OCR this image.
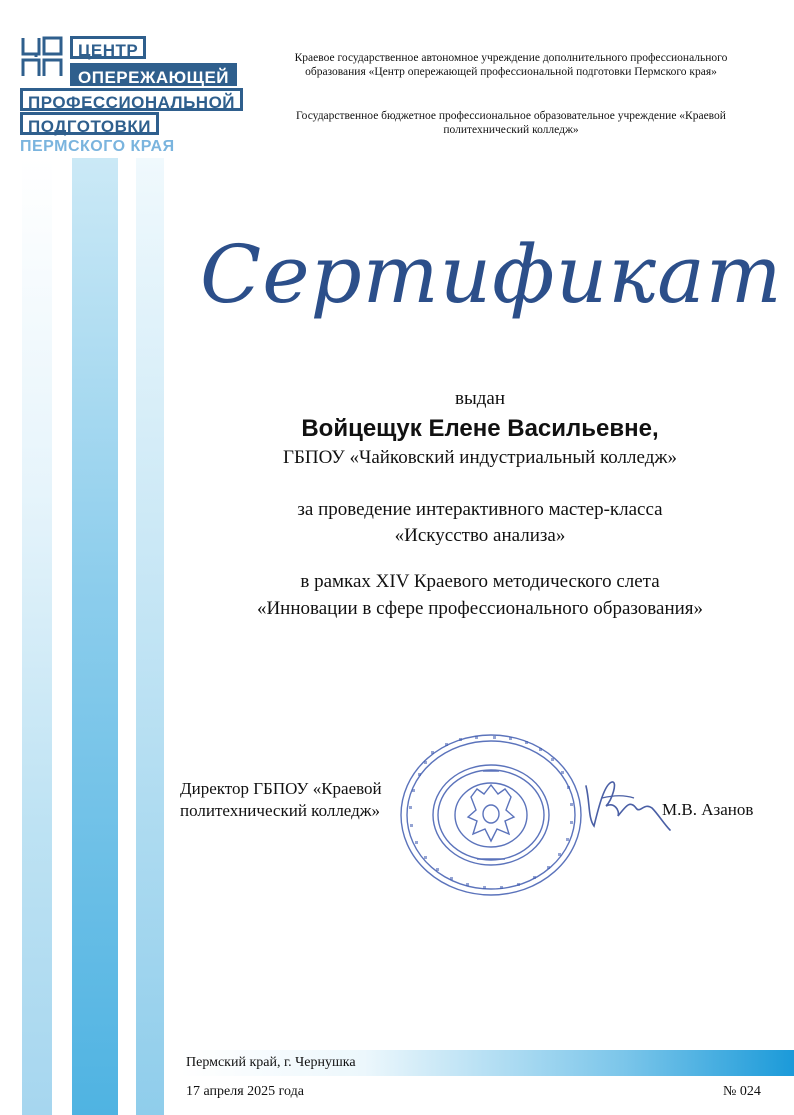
ЦЕНТР
ОПЕРЕЖАЮЩЕЙ
ПРОФЕССИОНАЛЬНОЙ
ПОДГОТОВКИ
ПЕРМСКОГО КРАЯ
Краевое государственное автономное учреждение дополнительного профессионального образования «Центр опережающей профессиональной подготовки Пермского края»
Государственное бюджетное профессиональное образовательное учреждение «Краевой политехнический колледж»
Сертификат
выдан
Войцещук Елене Васильевне,
ГБПОУ «Чайковский индустриальный колледж»
за проведение интерактивного мастер-класса
«Искусство анализа»
в рамках XIV Краевого методического слета
«Инновации в сфере профессионального образования»
Директор ГБПОУ «Краевой
политехнический колледж»	М.В. Азанов
Пермский край, г. Чернушка
17 апреля 2025 года	№ 024
